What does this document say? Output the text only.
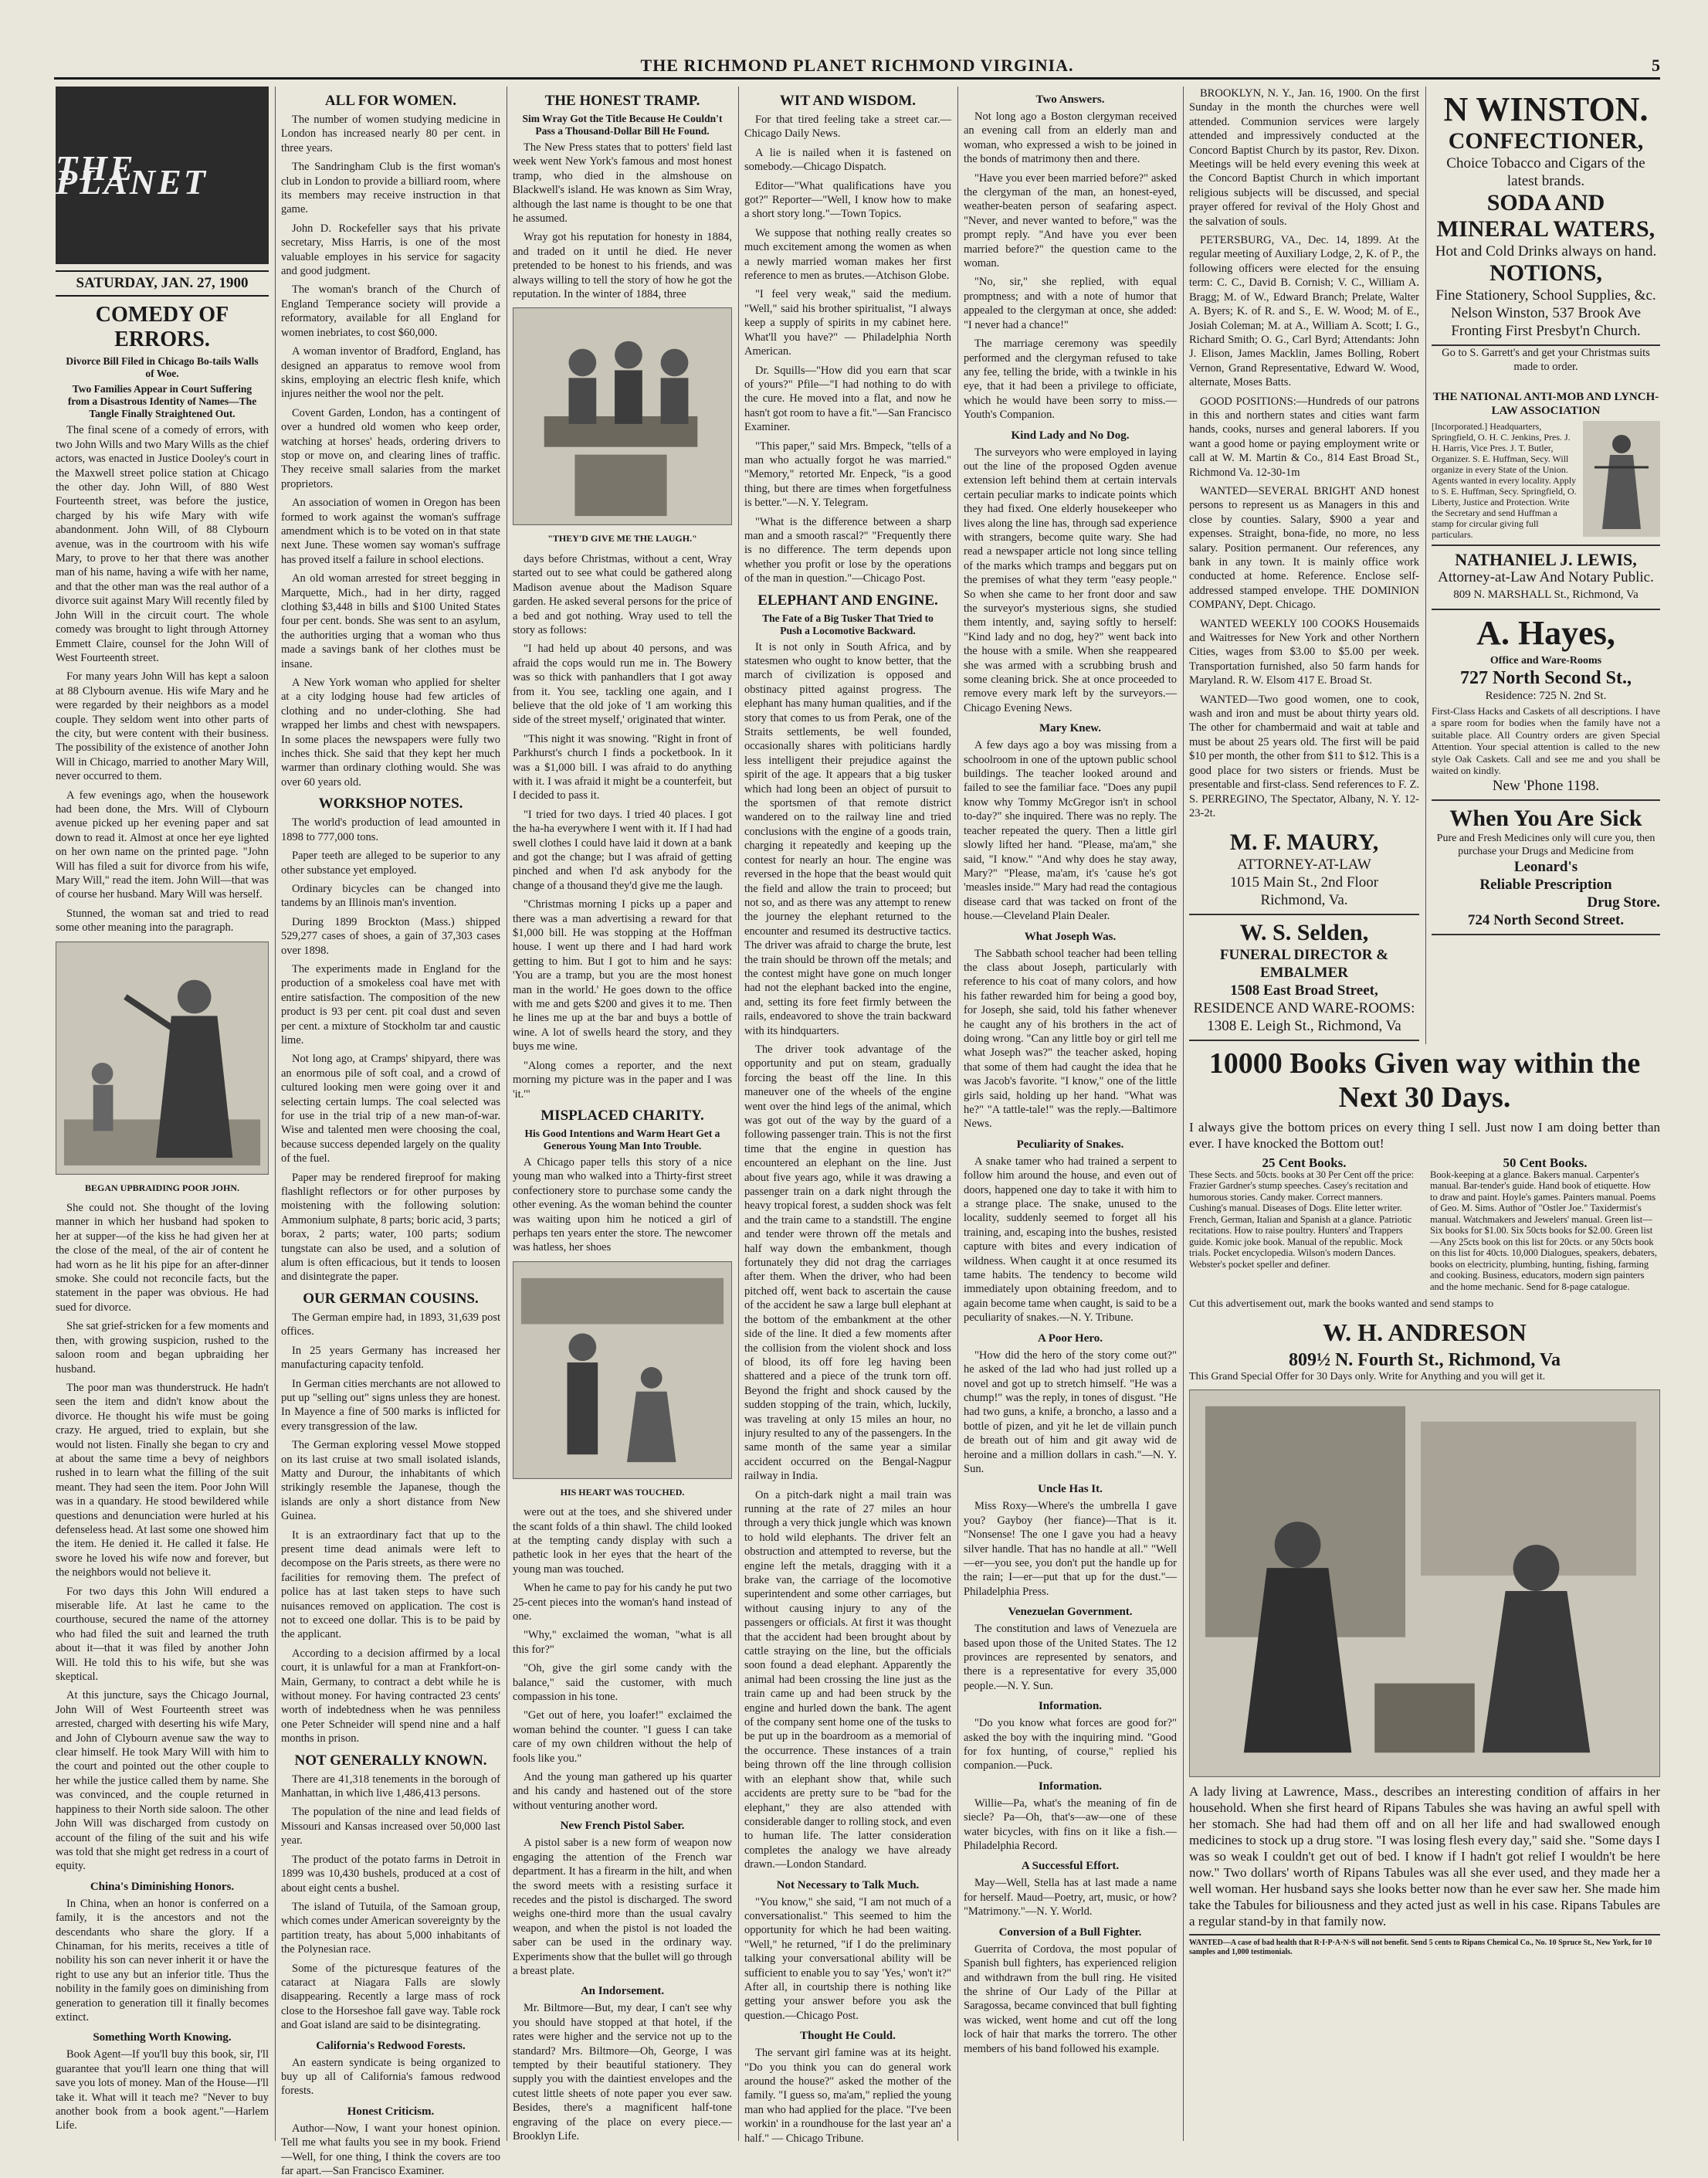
THE RICHMOND PLANET RICHMOND VIRGINIA.	5
THE PLANET
SATURDAY, JAN. 27, 1900
COMEDY OF ERRORS.
Divorce Bill Filed in Chicago Bo-tails Walls of Woe.
Two Families Appear in Court Suffering from a Disastrous Identity of Names—The Tangle Finally Straightened Out.

The final scene of a comedy of errors, with two John Wills and two Mary Wills as the chief actors, was enacted in Justice Dooley's court in the Maxwell street police station at Chicago the other day. John Will, of 880 West Fourteenth street, was before the justice, charged by his wife Mary with wife abandonment. John Will, of 88 Clybourn avenue, was in the courtroom with his wife Mary, to prove to her that there was another man of his name, having a wife with her name, and that the other man was the real author of a divorce suit against Mary Will recently filed by John Will in the circuit court. The whole comedy was brought to light through Attorney Emmett Claire, counsel for the John Will of West Fourteenth street.

For many years John Will has kept a saloon at 88 Clybourn avenue. His wife Mary and he were regarded by their neighbors as a model couple. They seldom went into other parts of the city, but were content with their business. The possibility of the existence of another John Will in Chicago, married to another Mary Will, never occurred to them.

A few evenings ago, when the housework had been done, the Mrs. Will of Clybourn avenue picked up her evening paper and sat down to read it. Almost at once her eye lighted on her own name on the printed page. "John Will has filed a suit for divorce from his wife, Mary Will," read the item. John Will—that was of course her husband. Mary Will was herself.

Stunned, the woman sat and tried to read some other meaning into the paragraph.

BEGAN UPBRAIDING POOR JOHN.

She could not. She thought of the loving manner in which her husband had spoken to her at supper—of the kiss he had given her at the close of the meal, of the air of content he had worn as he lit his pipe for an after-dinner smoke. She could not reconcile facts, but the statement in the paper was obvious. He had sued for divorce.

She sat grief-stricken for a few moments and then, with growing suspicion, rushed to the saloon room and began upbraiding her husband.

The poor man was thunderstruck. He hadn't seen the item and didn't know about the divorce. He thought his wife must be going crazy. He argued, tried to explain, but she would not listen. Finally she began to cry and at about the same time a bevy of neighbors rushed in to learn what the filling of the suit meant. They had seen the item. Poor John Will was in a quandary. He stood bewildered while questions and denunciation were hurled at his defenseless head. At last some one showed him the item. He denied it. He called it false. He swore he loved his wife now and forever, but the neighbors would not believe it.

For two days this John Will endured a miserable life. At last he came to the courthouse, secured the name of the attorney who had filed the suit and learned the truth about it—that it was filed by another John Will. He told this to his wife, but she was skeptical.

At this juncture, says the Chicago Journal, John Will of West Fourteenth street was arrested, charged with deserting his wife Mary, and John of Clybourn avenue saw the way to clear himself. He took Mary Will with him to the court and pointed out the other couple to her while the justice called them by name. She was convinced, and the couple returned in happiness to their North side saloon. The other John Will was discharged from custody on account of the filing of the suit and his wife was told that she might get redress in a court of equity.

China's Diminishing Honors.

In China, when an honor is conferred on a family, it is the ancestors and not the descendants who share the glory. If a Chinaman, for his merits, receives a title of nobility his son can never inherit it or have the right to use any but an inferior title. Thus the nobility in the family goes on diminishing from generation to generation till it finally becomes extinct.

Something Worth Knowing.

Book Agent—If you'll buy this book, sir, I'll guarantee that you'll learn one thing that will save you lots of money. Man of the House—I'll take it. What will it teach me? "Never to buy another book from a book agent."—Harlem Life.

ALL FOR WOMEN.

The number of women studying medicine in London has increased nearly 80 per cent. in three years.

The Sandringham Club is the first woman's club in London to provide a billiard room, where its members may receive instruction in that game.

John D. Rockefeller says that his private secretary, Miss Harris, is one of the most valuable employes in his service for sagacity and good judgment.

The woman's branch of the Church of England Temperance society will provide a reformatory, available for all England for women inebriates, to cost $60,000.

A woman inventor of Bradford, England, has designed an apparatus to remove wool from skins, employing an electric flesh knife, which injures neither the wool nor the pelt.

Covent Garden, London, has a contingent of over a hundred old women who keep order, watching at horses' heads, ordering drivers to stop or move on, and clearing lines of traffic. They receive small salaries from the market proprietors.

An association of women in Oregon has been formed to work against the woman's suffrage amendment which is to be voted on in that state next June. These women say woman's suffrage has proved itself a failure in school elections.

An old woman arrested for street begging in Marquette, Mich., had in her dirty, ragged clothing $3,448 in bills and $100 United States four per cent. bonds. She was sent to an asylum, the authorities urging that a woman who thus made a savings bank of her clothes must be insane.

A New York woman who applied for shelter at a city lodging house had few articles of clothing and no under-clothing. She had wrapped her limbs and chest with newspapers. In some places the newspapers were fully two inches thick. She said that they kept her much warmer than ordinary clothing would. She was over 60 years old.

WORKSHOP NOTES.

The world's production of lead amounted in 1898 to 777,000 tons.

Paper teeth are alleged to be superior to any other substance yet employed.

Ordinary bicycles can be changed into tandems by an Illinois man's invention.

During 1899 Brockton (Mass.) shipped 529,277 cases of shoes, a gain of 37,303 cases over 1898.

The experiments made in England for the production of a smokeless coal have met with entire satisfaction. The composition of the new product is 93 per cent. pit coal dust and seven per cent. a mixture of Stockholm tar and caustic lime.

Not long ago, at Cramps' shipyard, there was an enormous pile of soft coal, and a crowd of cultured looking men were going over it and selecting certain lumps. The coal selected was for use in the trial trip of a new man-of-war. Wise and talented men were choosing the coal, because success depended largely on the quality of the fuel.

Paper may be rendered fireproof for making flashlight reflectors or for other purposes by moistening with the following solution: Ammonium sulphate, 8 parts; boric acid, 3 parts; borax, 2 parts; water, 100 parts; sodium tungstate can also be used, and a solution of alum is often efficacious, but it tends to loosen and disintegrate the paper.

OUR GERMAN COUSINS.

The German empire had, in 1893, 31,639 post offices.

In 25 years Germany has increased her manufacturing capacity tenfold.

In German cities merchants are not allowed to put up "selling out" signs unless they are honest. In Mayence a fine of 500 marks is inflicted for every transgression of the law.

The German exploring vessel Mowe stopped on its last cruise at two small isolated islands, Matty and Durour, the inhabitants of which strikingly resemble the Japanese, though the islands are only a short distance from New Guinea.

It is an extraordinary fact that up to the present time dead animals were left to decompose on the Paris streets, as there were no facilities for removing them. The prefect of police has at last taken steps to have such nuisances removed on application. The cost is not to exceed one dollar. This is to be paid by the applicant.

According to a decision affirmed by a local court, it is unlawful for a man at Frankfort-on-Main, Germany, to contract a debt while he is without money. For having contracted 23 cents' worth of indebtedness when he was penniless one Peter Schneider will spend nine and a half months in prison.

NOT GENERALLY KNOWN.

There are 41,318 tenements in the borough of Manhattan, in which live 1,486,413 persons.

The population of the nine and lead fields of Missouri and Kansas increased over 50,000 last year.

The product of the potato farms in Detroit in 1899 was 10,430 bushels, produced at a cost of about eight cents a bushel.

The island of Tutuila, of the Samoan group, which comes under American sovereignty by the partition treaty, has about 5,000 inhabitants of the Polynesian race.

Some of the picturesque features of the cataract at Niagara Falls are slowly disappearing. Recently a large mass of rock close to the Horseshoe fall gave way. Table rock and Goat island are said to be disintegrating.

California's Redwood Forests.

An eastern syndicate is being organized to buy up all of California's famous redwood forests.

Honest Criticism.

Author—Now, I want your honest opinion. Tell me what faults you see in my book. Friend—Well, for one thing, I think the covers are too far apart.—San Francisco Examiner.

THE HONEST TRAMP.
Sim Wray Got the Title Because He Couldn't Pass a Thousand-Dollar Bill He Found.

The New Press states that to potters' field last week went New York's famous and most honest tramp, who died in the almshouse on Blackwell's island. He was known as Sim Wray, although the last name is thought to be one that he assumed.

Wray got his reputation for honesty in 1884, and traded on it until he died. He never pretended to be honest to his friends, and was always willing to tell the story of how he got the reputation. In the winter of 1884, three

"THEY'D GIVE ME THE LAUGH."

days before Christmas, without a cent, Wray started out to see what could be gathered along Madison avenue about the Madison Square garden. He asked several persons for the price of a bed and got nothing. Wray used to tell the story as follows:

"I had held up about 40 persons, and was afraid the cops would run me in. The Bowery was so thick with panhandlers that I got away from it. You see, tackling one again, and I believe that the old joke of 'I am working this side of the street myself,' originated that winter.

"This night it was snowing. "Right in front of Parkhurst's church I finds a pocketbook. In it was a $1,000 bill. I was afraid to do anything with it. I was afraid it might be a counterfeit, but I decided to pass it.

"I tried for two days. I tried 40 places. I got the ha-ha everywhere I went with it. If I had had swell clothes I could have laid it down at a bank and got the change; but I was afraid of getting pinched and when I'd ask anybody for the change of a thousand they'd give me the laugh.

"Christmas morning I picks up a paper and there was a man advertising a reward for that $1,000 bill. He was stopping at the Hoffman house. I went up there and I had hard work getting to him. But I got to him and he says: 'You are a tramp, but you are the most honest man in the world.' He goes down to the office with me and gets $200 and gives it to me. Then he lines me up at the bar and buys a bottle of wine. A lot of swells heard the story, and they buys me wine.

"Along comes a reporter, and the next morning my picture was in the paper and I was 'it.'"

MISPLACED CHARITY.
His Good Intentions and Warm Heart Get a Generous Young Man Into Trouble.

A Chicago paper tells this story of a nice young man who walked into a Thirty-first street confectionery store to purchase some candy the other evening. As the woman behind the counter was waiting upon him he noticed a girl of perhaps ten years enter the store. The newcomer was hatless, her shoes

HIS HEART WAS TOUCHED.

were out at the toes, and she shivered under the scant folds of a thin shawl. The child looked at the tempting candy display with such a pathetic look in her eyes that the heart of the young man was touched.

When he came to pay for his candy he put two 25-cent pieces into the woman's hand instead of one.

"Why," exclaimed the woman, "what is all this for?"

"Oh, give the girl some candy with the balance," said the customer, with much compassion in his tone.

"Get out of here, you loafer!" exclaimed the woman behind the counter. "I guess I can take care of my own children without the help of fools like you."

And the young man gathered up his quarter and his candy and hastened out of the store without venturing another word.

New French Pistol Saber.

A pistol saber is a new form of weapon now engaging the attention of the French war department. It has a firearm in the hilt, and when the sword meets with a resisting surface it recedes and the pistol is discharged. The sword weighs one-third more than the usual cavalry weapon, and when the pistol is not loaded the saber can be used in the ordinary way. Experiments show that the bullet will go through a breast plate.

An Indorsement.

Mr. Biltmore—But, my dear, I can't see why you should have stopped at that hotel, if the rates were higher and the service not up to the standard? Mrs. Biltmore—Oh, George, I was tempted by their beautiful stationery. They supply you with the daintiest envelopes and the cutest little sheets of note paper you ever saw. Besides, there's a magnificent half-tone engraving of the place on every piece.—Brooklyn Life.

WIT AND WISDOM.

For that tired feeling take a street car.—Chicago Daily News.

A lie is nailed when it is fastened on somebody.—Chicago Dispatch.

Editor—"What qualifications have you got?" Reporter—"Well, I know how to make a short story long."—Town Topics.

We suppose that nothing really creates so much excitement among the women as when a newly married woman makes her first reference to men as brutes.—Atchison Globe.

"I feel very weak," said the medium. "Well," said his brother spiritualist, "I always keep a supply of spirits in my cabinet here. What'll you have?" — Philadelphia North American.

Dr. Squills—"How did you earn that scar of yours?" Pfile—"I had nothing to do with the cure. He moved into a flat, and now he hasn't got room to have a fit."—San Francisco Examiner.

"This paper," said Mrs. Bmpeck, "tells of a man who actually forgot he was married." "Memory," retorted Mr. Enpeck, "is a good thing, but there are times when forgetfulness is better."—N. Y. Telegram.

"What is the difference between a sharp man and a smooth rascal?" "Frequently there is no difference. The term depends upon whether you profit or lose by the operations of the man in question."—Chicago Post.

ELEPHANT AND ENGINE.
The Fate of a Big Tusker That Tried to Push a Locomotive Backward.

It is not only in South Africa, and by statesmen who ought to know better, that the march of civilization is opposed and obstinacy pitted against progress. The elephant has many human qualities, and if the story that comes to us from Perak, one of the Straits settlements, be well founded, occasionally shares with politicians hardly less intelligent their prejudice against the spirit of the age. It appears that a big tusker which had long been an object of pursuit to the sportsmen of that remote district wandered on to the railway line and tried conclusions with the engine of a goods train, charging it repeatedly and keeping up the contest for nearly an hour. The engine was reversed in the hope that the beast would quit the field and allow the train to proceed; but not so, and as there was any attempt to renew the journey the elephant returned to the encounter and resumed its destructive tactics. The driver was afraid to charge the brute, lest the train should be thrown off the metals; and the contest might have gone on much longer had not the elephant backed into the engine, and, setting its fore feet firmly between the rails, endeavored to shove the train backward with its hindquarters.

The driver took advantage of the opportunity and put on steam, gradually forcing the beast off the line. In this maneuver one of the wheels of the engine went over the hind legs of the animal, which was got out of the way by the guard of a following passenger train. This is not the first time that the engine in question has encountered an elephant on the line. Just about five years ago, while it was drawing a passenger train on a dark night through the heavy tropical forest, a sudden shock was felt and the train came to a standstill. The engine and tender were thrown off the metals and half way down the embankment, though fortunately they did not drag the carriages after them. When the driver, who had been pitched off, went back to ascertain the cause of the accident he saw a large bull elephant at the bottom of the embankment at the other side of the line. It died a few moments after the collision from the violent shock and loss of blood, its off fore leg having been shattered and a piece of the trunk torn off. Beyond the fright and shock caused by the sudden stopping of the train, which, luckily, was traveling at only 15 miles an hour, no injury resulted to any of the passengers. In the same month of the same year a similar accident occurred on the Bengal-Nagpur railway in India.

On a pitch-dark night a mail train was running at the rate of 27 miles an hour through a very thick jungle which was known to hold wild elephants. The driver felt an obstruction and attempted to reverse, but the engine left the metals, dragging with it a brake van, the carriage of the locomotive superintendent and some other carriages, but without causing injury to any of the passengers or officials. At first it was thought that the accident had been brought about by cattle straying on the line, but the officials soon found a dead elephant. Apparently the animal had been crossing the line just as the train came up and had been struck by the engine and hurled down the bank. The agent of the company sent home one of the tusks to be put up in the boardroom as a memorial of the occurrence. These instances of a train being thrown off the line through collision with an elephant show that, while such accidents are pretty sure to be "bad for the elephant," they are also attended with considerable danger to rolling stock, and even to human life. The latter consideration completes the analogy we have already drawn.—London Standard.

Not Necessary to Talk Much.

"You know," she said, "I am not much of a conversationalist." This seemed to him the opportunity for which he had been waiting. "Well," he returned, "if I do the preliminary talking your conversational ability will be sufficient to enable you to say 'Yes,' won't it?" After all, in courtship there is nothing like getting your answer before you ask the question.—Chicago Post.

Thought He Could.

The servant girl famine was at its height. "Do you think you can do general work around the house?" asked the mother of the family. "I guess so, ma'am," replied the young man who had applied for the place. "I've been workin' in a roundhouse for the last year an' a half." — Chicago Tribune.

Two Answers.

Not long ago a Boston clergyman received an evening call from an elderly man and woman, who expressed a wish to be joined in the bonds of matrimony then and there.

"Have you ever been married before?" asked the clergyman of the man, an honest-eyed, weather-beaten person of seafaring aspect. "Never, and never wanted to before," was the prompt reply. "And have you ever been married before?" the question came to the woman.

"No, sir," she replied, with equal promptness; and with a note of humor that appealed to the clergyman at once, she added: "I never had a chance!"

The marriage ceremony was speedily performed and the clergyman refused to take any fee, telling the bride, with a twinkle in his eye, that it had been a privilege to officiate, which he would have been sorry to miss.—Youth's Companion.

Kind Lady and No Dog.

The surveyors who were employed in laying out the line of the proposed Ogden avenue extension left behind them at certain intervals certain peculiar marks to indicate points which they had fixed. One elderly housekeeper who lives along the line has, through sad experience with strangers, become quite wary. She had read a newspaper article not long since telling of the marks which tramps and beggars put on the premises of what they term "easy people." So when she came to her front door and saw the surveyor's mysterious signs, she studied them intently, and, saying softly to herself: "Kind lady and no dog, hey?" went back into the house with a smile. When she reappeared she was armed with a scrubbing brush and some cleaning brick. She at once proceeded to remove every mark left by the surveyors.—Chicago Evening News.

Mary Knew.

A few days ago a boy was missing from a schoolroom in one of the uptown public school buildings. The teacher looked around and failed to see the familiar face. "Does any pupil know why Tommy McGregor isn't in school to-day?" she inquired. There was no reply. The teacher repeated the query. Then a little girl slowly lifted her hand. "Please, ma'am," she said, "I know." "And why does he stay away, Mary?" "Please, ma'am, it's 'cause he's got 'measles inside.'" Mary had read the contagious disease card that was tacked on front of the house.—Cleveland Plain Dealer.

What Joseph Was.

The Sabbath school teacher had been telling the class about Joseph, particularly with reference to his coat of many colors, and how his father rewarded him for being a good boy, for Joseph, she said, told his father whenever he caught any of his brothers in the act of doing wrong. "Can any little boy or girl tell me what Joseph was?" the teacher asked, hoping that some of them had caught the idea that he was Jacob's favorite. "I know," one of the little girls said, holding up her hand. "What was he?" "A tattle-tale!" was the reply.—Baltimore News.

Peculiarity of Snakes.

A snake tamer who had trained a serpent to follow him around the house, and even out of doors, happened one day to take it with him to a strange place. The snake, unused to the locality, suddenly seemed to forget all his training, and, escaping into the bushes, resisted capture with bites and every indication of wildness. When caught it at once resumed its tame habits. The tendency to become wild immediately upon obtaining freedom, and to again become tame when caught, is said to be a peculiarity of snakes.—N. Y. Tribune.

A Poor Hero.

"How did the hero of the story come out?" he asked of the lad who had just rolled up a novel and got up to stretch himself. "He was a chump!" was the reply, in tones of disgust. "He had two guns, a knife, a broncho, a lasso and a bottle of pizen, and yit he let de villain punch de breath out of him and git away wid de heroine and a million dollars in cash."—N. Y. Sun.

Uncle Has It.

Miss Roxy—Where's the umbrella I gave you? Gayboy (her fiance)—That is it. "Nonsense! The one I gave you had a heavy silver handle. That has no handle at all." "Well—er—you see, you don't put the handle up for the rain; I—er—put that up for the dust."—Philadelphia Press.

Venezuelan Government.

The constitution and laws of Venezuela are based upon those of the United States. The 12 provinces are represented by senators, and there is a representative for every 35,000 people.—N. Y. Sun.

Information.

"Do you know what forces are good for?" asked the boy with the inquiring mind. "Good for fox hunting, of course," replied his companion.—Puck.

Information.

Willie—Pa, what's the meaning of fin de siecle? Pa—Oh, that's—aw—one of these water bicycles, with fins on it like a fish.—Philadelphia Record.

A Successful Effort.

May—Well, Stella has at last made a name for herself. Maud—Poetry, art, music, or how? "Matrimony."—N. Y. World.

Conversion of a Bull Fighter.

Guerrita of Cordova, the most popular of Spanish bull fighters, has experienced religion and withdrawn from the bull ring. He visited the shrine of Our Lady of the Pillar at Saragossa, became convinced that bull fighting was wicked, went home and cut off the long lock of hair that marks the torrero. The other members of his band followed his example.

BROOKLYN, N. Y., Jan. 16, 1900. On the first Sunday in the month the churches were well attended. Communion services were largely attended and impressively conducted at the Concord Baptist Church by its pastor, Rev. Dixon. Meetings will be held every evening this week at the Concord Baptist Church in which important religious subjects will be discussed, and special prayer offered for revival of the Holy Ghost and the salvation of souls.

PETERSBURG, VA., Dec. 14, 1899. At the regular meeting of Auxiliary Lodge, 2, K. of P., the following officers were elected for the ensuing term: C. C., David B. Cornish; V. C., William A. Bragg; M. of W., Edward Branch; Prelate, Walter A. Byers; K. of R. and S., E. W. Wood; M. of E., Josiah Coleman; M. at A., William A. Scott; I. G., Richard Smith; O. G., Carl Byrd; Attendants: John J. Elison, James Macklin, James Bolling, Robert Vernon, Grand Representative, Edward W. Wood, alternate, Moses Batts.

GOOD POSITIONS:—Hundreds of our patrons in this and northern states and cities want farm hands, cooks, nurses and general laborers. If you want a good home or paying employment write or call at W. M. Martin & Co., 814 East Broad St., Richmond Va. 12-30-1m

WANTED—SEVERAL BRIGHT AND honest persons to represent us as Managers in this and close by counties. Salary, $900 a year and expenses. Straight, bona-fide, no more, no less salary. Position permanent. Our references, any bank in any town. It is mainly office work conducted at home. Reference. Enclose self-addressed stamped envelope. THE DOMINION COMPANY, Dept. Chicago.

WANTED WEEKLY 100 COOKS Housemaids and Waitresses for New York and other Northern Cities, wages from $3.00 to $5.00 per week. Transportation furnished, also 50 farm hands for Maryland. R. W. Elsom 417 E. Broad St.

WANTED—Two good women, one to cook, wash and iron and must be about thirty years old. The other for chambermaid and wait at table and must be about 25 years old. The first will be paid $10 per month, the other from $11 to $12. This is a good place for two sisters or friends. Must be presentable and first-class. Send references to F. Z. S. PERREGINO, The Spectator, Albany, N. Y. 12-23-2t.

M. F. MAURY,
ATTORNEY-AT-LAW
1015 Main St., 2nd Floor
Richmond, Va.
W. S. Selden,
FUNERAL DIRECTOR & EMBALMER
1508 East Broad Street,
RESIDENCE AND WARE-ROOMS:
1308 E. Leigh St., Richmond, Va
N WINSTON.
CONFECTIONER,
Choice Tobacco and Cigars of the latest brands.
SODA AND MINERAL WATERS,
Hot and Cold Drinks always on hand.
NOTIONS,
Fine Stationery, School Supplies, &c.
Nelson Winston, 537 Brook Ave Fronting First Presbyt'n Church.

Go to S. Garrett's and get your Christmas suits made to order.

THE NATIONAL ANTI-MOB AND LYNCH-LAW ASSOCIATION
[Incorporated.] Headquarters, Springfield, O. H. C. Jenkins, Pres. J. H. Harris, Vice Pres. J. T. Butler, Organizer. S. E. Huffman, Secy. Will organize in every State of the Union. Agents wanted in every locality. Apply to S. E. Huffman, Secy. Springfield, O. Liberty, Justice and Protection. Write the Secretary and send Huffman a stamp for circular giving full particulars.
NATHANIEL J. LEWIS,
Attorney-at-Law And Notary Public.
809 N. MARSHALL St., Richmond, Va
A. Hayes,
Office and Ware-Rooms
727 North Second St.,
Residence: 725 N. 2nd St.
First-Class Hacks and Caskets of all descriptions. I have a spare room for bodies when the family have not a suitable place. All Country orders are given Special Attention. Your special attention is called to the new style Oak Caskets. Call and see me and you shall be waited on kindly.
New 'Phone 1198.
When You Are Sick
Pure and Fresh Medicines only will cure you, then purchase your Drugs and Medicine from
Leonard's
Reliable Prescription
Drug Store.
724 North Second Street.
10000 Books Given way within the Next 30 Days.
I always give the bottom prices on every thing I sell. Just now I am doing better than ever. I have knocked the Bottom out!
25 Cent Books.
These Sects. and 50cts. books at 30 Per Cent off the price: Frazier Gardner's stump speeches. Casey's recitation and humorous stories. Candy maker. Correct manners. Cushing's manual. Diseases of Dogs. Elite letter writer. French, German, Italian and Spanish at a glance. Patriotic recitations. How to raise poultry. Hunters' and Trappers guide. Komic joke book. Manual of the republic. Mock trials. Pocket encyclopedia. Wilson's modern Dances. Webster's pocket speller and definer.
50 Cent Books.
Book-keeping at a glance. Bakers manual. Carpenter's manual. Bar-tender's guide. Hand book of etiquette. How to draw and paint. Hoyle's games. Painters manual. Poems of Geo. M. Sims. Author of "Ostler Joe." Taxidermist's manual. Watchmakers and Jewelers' manual. Green list—Six books for $1.00. Six 50cts books for $2.00. Green list—Any 25cts book on this list for 20cts. or any 50cts book on this list for 40cts. 10,000 Dialogues, speakers, debaters, books on electricity, plumbing, hunting, fishing, farming and cooking. Business, educators, modern sign painters and the home mechanic. Send for 8-page catalogue.
Cut this advertisement out, mark the books wanted and send stamps to
W. H. ANDRESON
809½ N. Fourth St., Richmond, Va
This Grand Special Offer for 30 Days only. Write for Anything and you will get it.
A lady living at Lawrence, Mass., describes an interesting condition of affairs in her household. When she first heard of Ripans Tabules she was having an awful spell with her stomach. She had had them off and on all her life and had swallowed enough medicines to stock up a drug store. "I was losing flesh every day," said she. "Some days I was so weak I couldn't get out of bed. I know if I hadn't got relief I wouldn't be here now." Two dollars' worth of Ripans Tabules was all she ever used, and they made her a well woman. Her husband says she looks better now than he ever saw her. She made him take the Tabules for biliousness and they acted just as well in his case. Ripans Tabules are a regular stand-by in that family now.
WANTED—A case of bad health that R·I·P·A·N·S will not benefit. Send 5 cents to Ripans Chemical Co., No. 10 Spruce St., New York, for 10 samples and 1,000 testimonials.
